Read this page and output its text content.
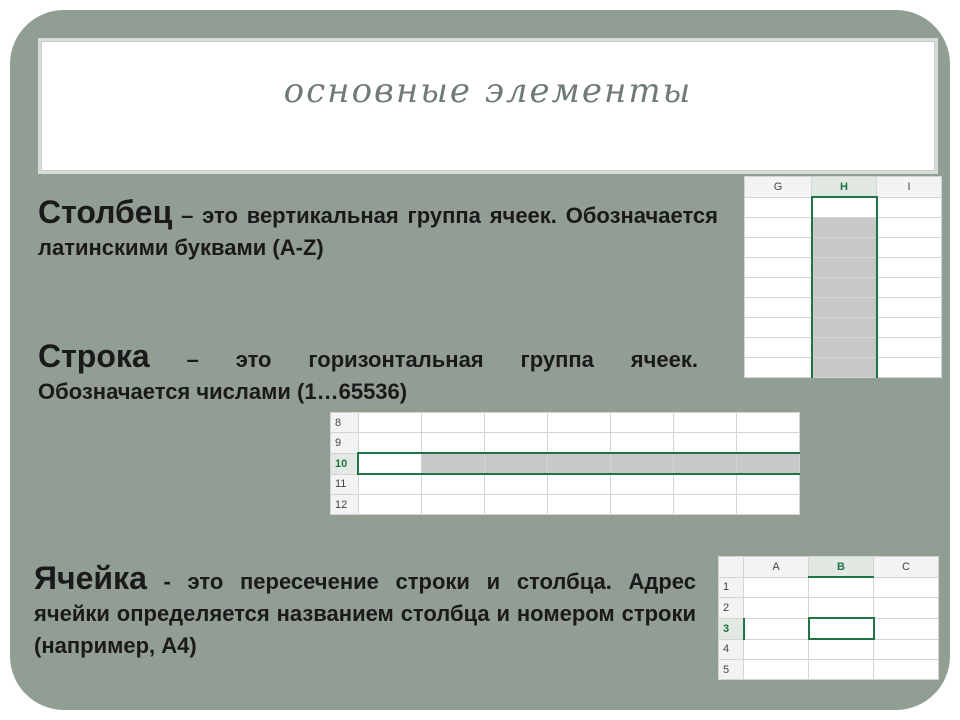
основные элементы
Столбец – это вертикальная группа ячеек. Обозначается латинскими буквами (A-Z)
Строка – это горизонтальная группа ячеек. Обозначается числами (1…65536)
Ячейка - это пересечение строки и столбца. Адрес ячейки определяется названием столбца и номером строки (например, А4)
G	H	I

8							
9							
10							
11							
12							
	A	B	C
1			
2			
3			
4			
5			
